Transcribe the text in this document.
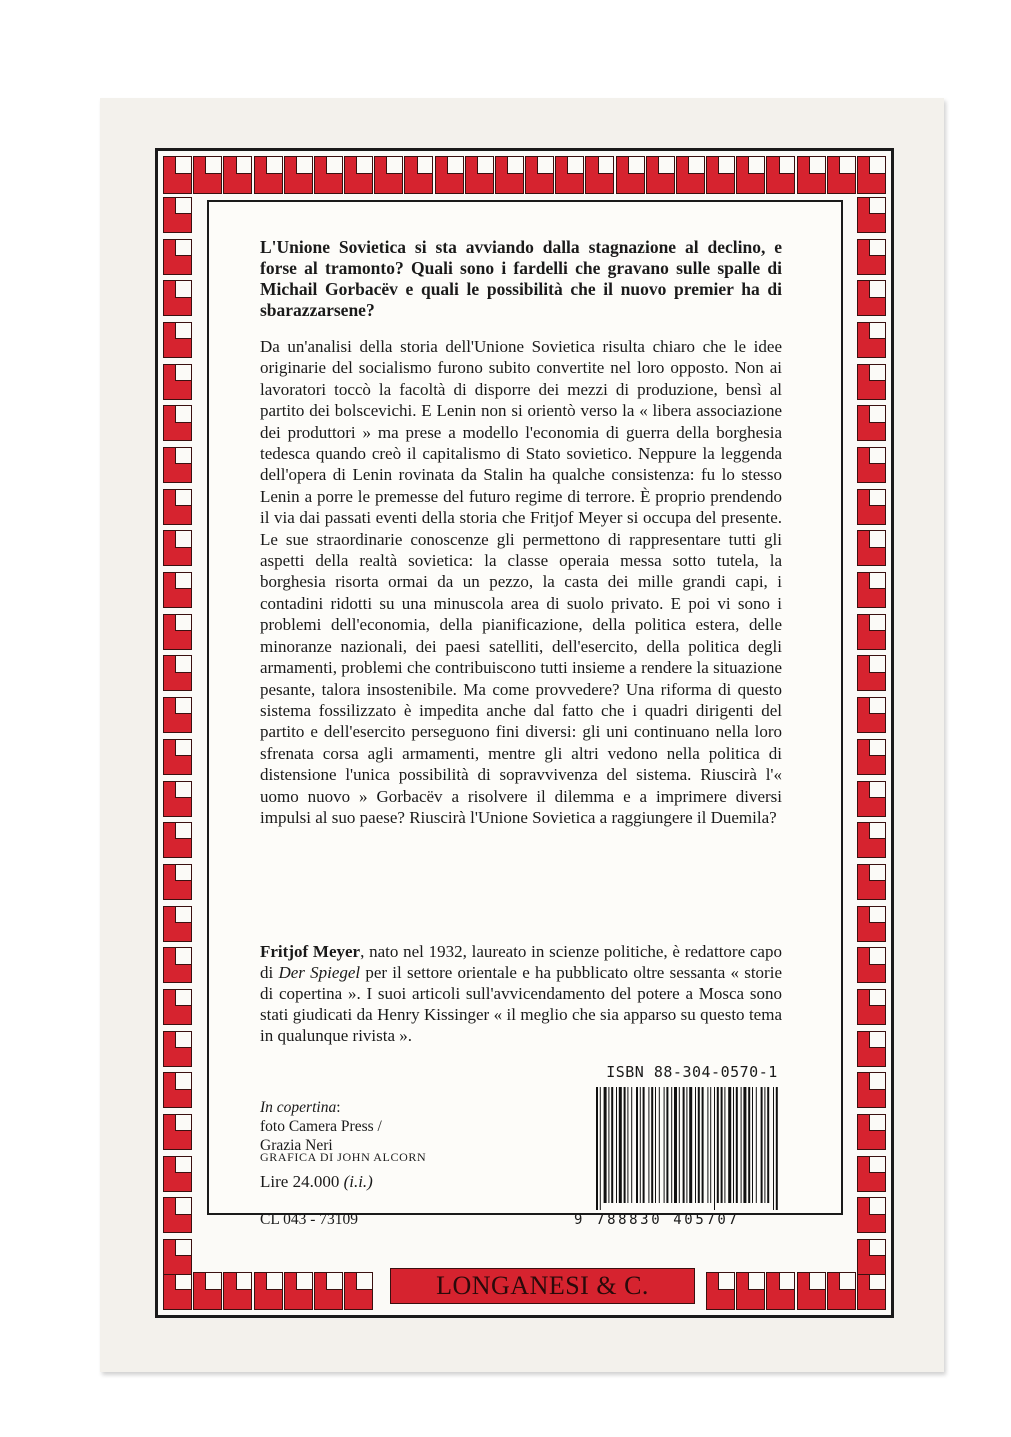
L'Unione Sovietica si sta avviando dalla stagnazione al declino, e forse al tramonto? Quali sono i fardelli che gravano sulle spalle di Michail Gorbacëv e quali le possibilità che il nuovo premier ha di sbarazzarsene?

Da un'analisi della storia dell'Unione Sovietica risulta chiaro che le idee originarie del socialismo furono subito convertite nel loro opposto. Non ai lavoratori toccò la facoltà di disporre dei mezzi di produzione, bensì al partito dei bolscevichi. E Lenin non si orientò verso la « libera associazione dei produttori » ma prese a modello l'economia di guerra della borghesia tedesca quando creò il capitalismo di Stato sovietico. Neppure la leggenda dell'opera di Lenin rovinata da Stalin ha qualche consistenza: fu lo stesso Lenin a porre le premesse del futuro regime di terrore. È proprio prendendo il via dai passati eventi della storia che Fritjof Meyer si occupa del presente. Le sue straordinarie conoscenze gli permettono di rappresentare tutti gli aspetti della realtà sovietica: la classe operaia messa sotto tutela, la borghesia risorta ormai da un pezzo, la casta dei mille grandi capi, i contadini ridotti su una minuscola area di suolo privato. E poi vi sono i problemi dell'economia, della pianificazione, della politica estera, delle minoranze nazionali, dei paesi satelliti, dell'esercito, della politica degli armamenti, problemi che contribuiscono tutti insieme a rendere la situazione pesante, talora insostenibile. Ma come provvedere? Una riforma di questo sistema fossilizzato è impedita anche dal fatto che i quadri dirigenti del partito e dell'esercito perseguono fini diversi: gli uni continuano nella loro sfrenata corsa agli armamenti, mentre gli altri vedono nella politica di distensione l'unica possibilità di sopravvivenza del sistema. Riuscirà l'« uomo nuovo » Gorbacëv a risolvere il dilemma e a imprimere diversi impulsi al suo paese? Riuscirà l'Unione Sovietica a raggiungere il Duemila?

Fritjof Meyer, nato nel 1932, laureato in scienze politiche, è redattore capo di Der Spiegel per il settore orientale e ha pubblicato oltre sessanta « storie di copertina ». I suoi articoli sull'avvicendamento del potere a Mosca sono stati giudicati da Henry Kissinger « il meglio che sia apparso su questo tema in qualunque rivista ».

In copertina:
foto Camera Press /
Grazia Neri
GRAFICA DI JOHN ALCORN
Lire 24.000 (i.i.)
CL 043 - 73109
ISBN 88-304-0570-1
9 788830 405707
LONGANESI & C.
